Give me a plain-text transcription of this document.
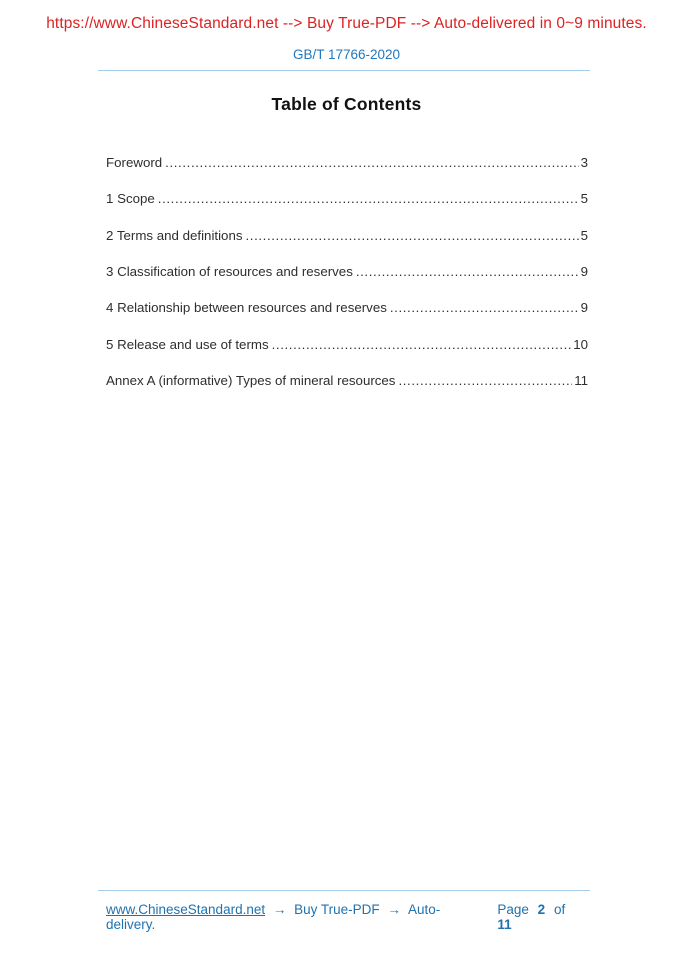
https://www.ChineseStandard.net --> Buy True-PDF --> Auto-delivered in 0~9 minutes.
GB/T 17766-2020
Table of Contents
Foreword .....	3
1 Scope .....	5
2 Terms and definitions .....	5
3 Classification of resources and reserves .....	9
4 Relationship between resources and reserves .....	9
5 Release and use of terms .....	10
Annex A (informative) Types of mineral resources .....	11
www.ChineseStandard.net → Buy True-PDF → Auto-delivery.
Page 2 of 11
